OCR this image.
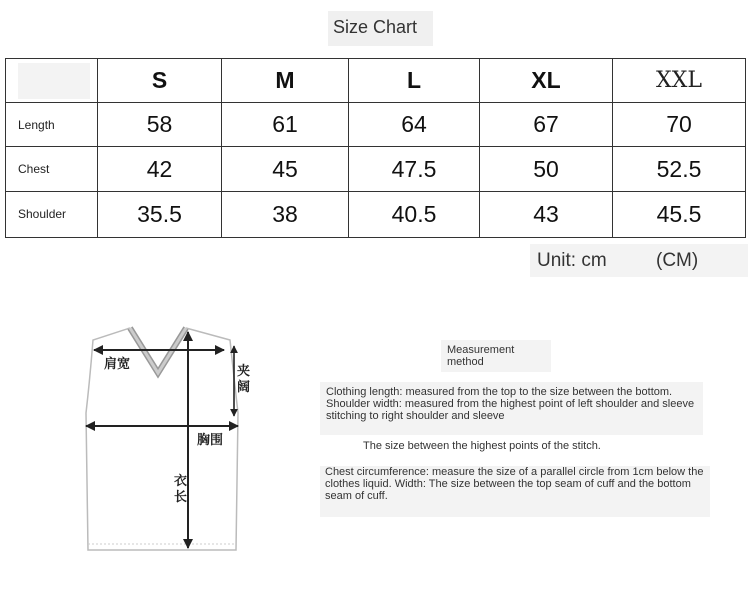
Size Chart
	S	M	L	XL	XXL

Length	58	61	64	67	70

Chest	42	45	47.5	50	52.5

Shoulder	35.5	38	40.5	43	45.5
Unit: cm	(CM)
肩宽	夹阔
胸围
衣长
Measurement method
Clothing length: measured from the top to the size between the bottom.
Shoulder width: measured from the highest point of left shoulder and sleeve stitching to right shoulder and sleeve
The size between the highest points of the stitch.
Chest circumference: measure the size of a parallel circle from 1cm below the clothes liquid. Width: The size between the top seam of cuff and the bottom seam of cuff.
